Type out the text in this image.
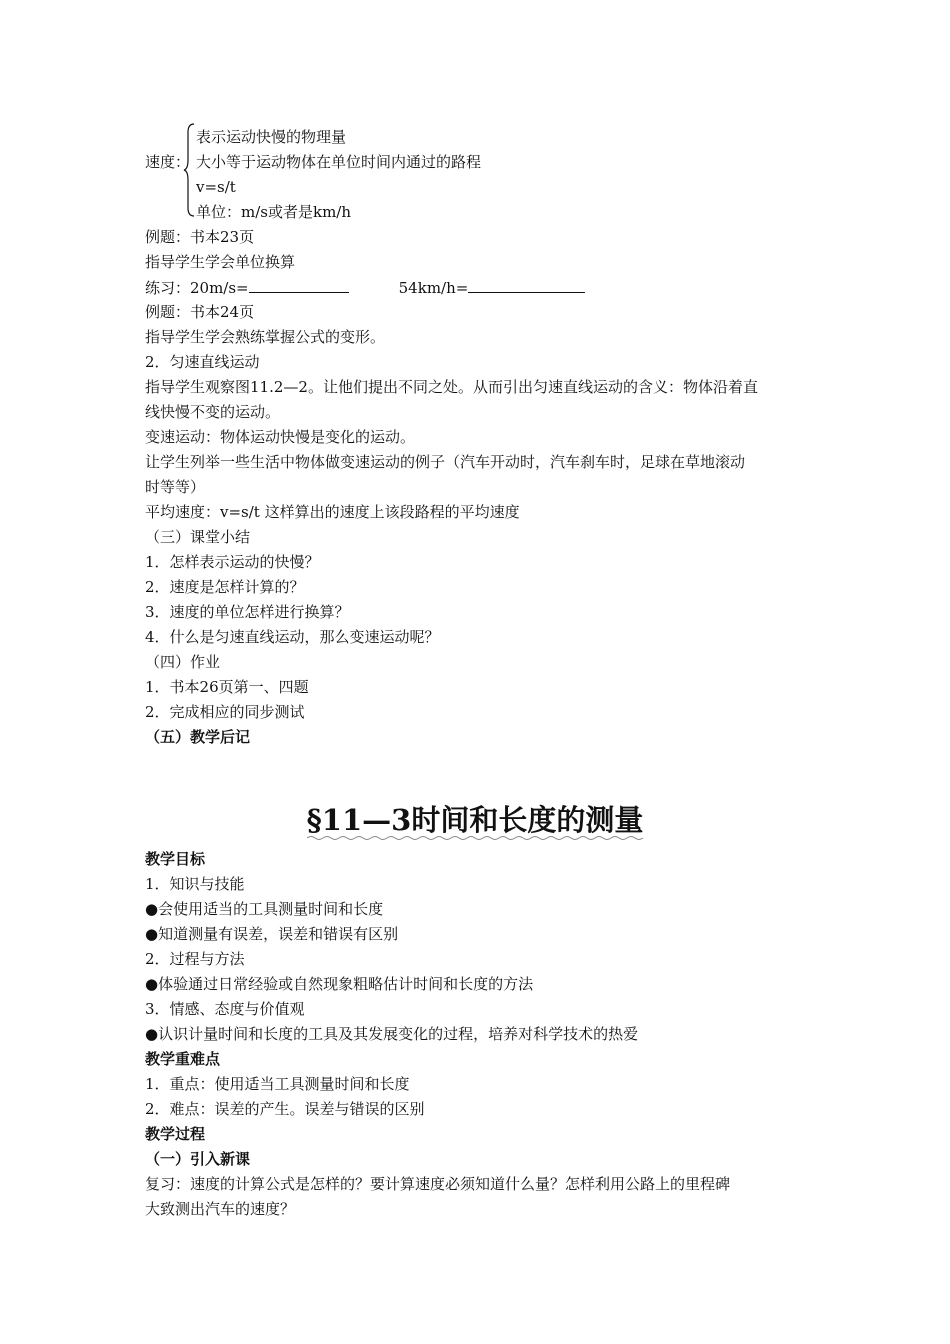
速度：
表示运动快慢的物理量
大小等于运动物体在单位时间内通过的路程
v=s/t
单位：m/s或者是km/h
例题：书本23页
指导学生学会单位换算
练习：20m/s=	54km/h=
例题：书本24页
指导学生学会熟练掌握公式的变形。
2．匀速直线运动
指导学生观察图11.2—2。让他们提出不同之处。从而引出匀速直线运动的含义：物体沿着直
线快慢不变的运动。
变速运动：物体运动快慢是变化的运动。
让学生列举一些生活中物体做变速运动的例子（汽车开动时，汽车刹车时，足球在草地滚动
时等等）
平均速度：v=s/t 这样算出的速度上该段路程的平均速度
（三）课堂小结
1．怎样表示运动的快慢？
2．速度是怎样计算的？
3．速度的单位怎样进行换算？
4．什么是匀速直线运动，那么变速运动呢？
（四）作业
1．书本26页第一、四题
2．完成相应的同步测试
（五）教学后记
§11—3时间和长度的测量
教学目标
1．知识与技能
●会使用适当的工具测量时间和长度
●知道测量有误差，误差和错误有区别
2．过程与方法
●体验通过日常经验或自然现象粗略估计时间和长度的方法
3．情感、态度与价值观
●认识计量时间和长度的工具及其发展变化的过程，培养对科学技术的热爱
教学重难点
1．重点：使用适当工具测量时间和长度
2．难点：误差的产生。误差与错误的区别
教学过程
（一）引入新课
复习：速度的计算公式是怎样的？要计算速度必须知道什么量？怎样利用公路上的里程碑
大致测出汽车的速度？
